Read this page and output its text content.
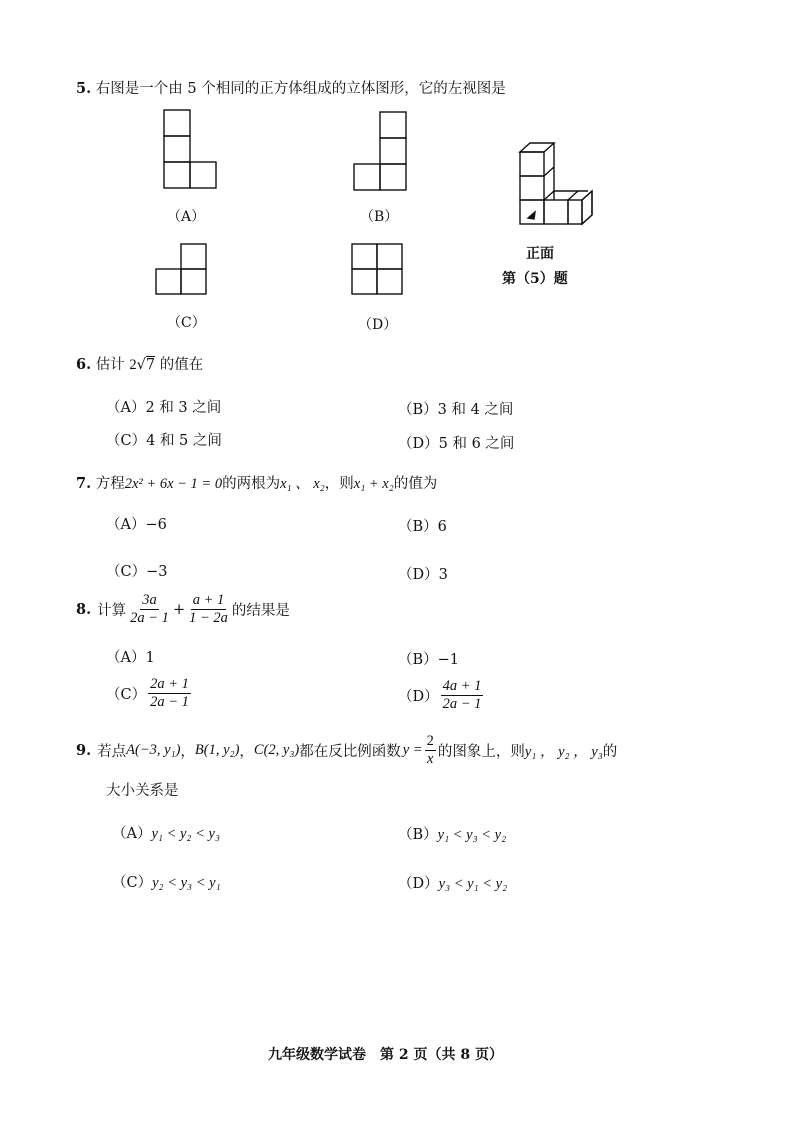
5. 右图是一个由 5 个相同的正方体组成的立体图形，它的左视图是
（A）	（B）
（C）	（D）
正面
第（5）题
6. 估计 2√7 的值在
（A）2 和 3 之间	（B）3 和 4 之间
（C）4 和 5 之间	（D）5 和 6 之间
7. 方程2x² + 6x − 1 = 0的两根为x₁ 、 x₂，则x₁ + x₂的值为
（A）−6	（B）6
（C）−3	（D）3
8. 计算 $\frac{3a}{2a - 1} + \frac{a + 1}{1 - 2a}$ 的结果是
（A）1	（B）−1
$(C) \frac{2a + 1}{2a - 1}$	$(D) \frac{4a + 1}{2a - 1}$
9. 若点 A(−3, y₁) ， B(1, y₂) ， C(2, y₃) 都在反比例函数 $y = \frac{2}{x}$ 的图象上，则 y₁ ， y₂ ， y₃ 的
大小关系是
（A）y₁ < y₂ < y₃	（B）y₁ < y₃ < y₂
（C）y₂ < y₃ < y₁	（D）y₃ < y₁ < y₂
九年级数学试卷　第 2 页（共 8 页）
